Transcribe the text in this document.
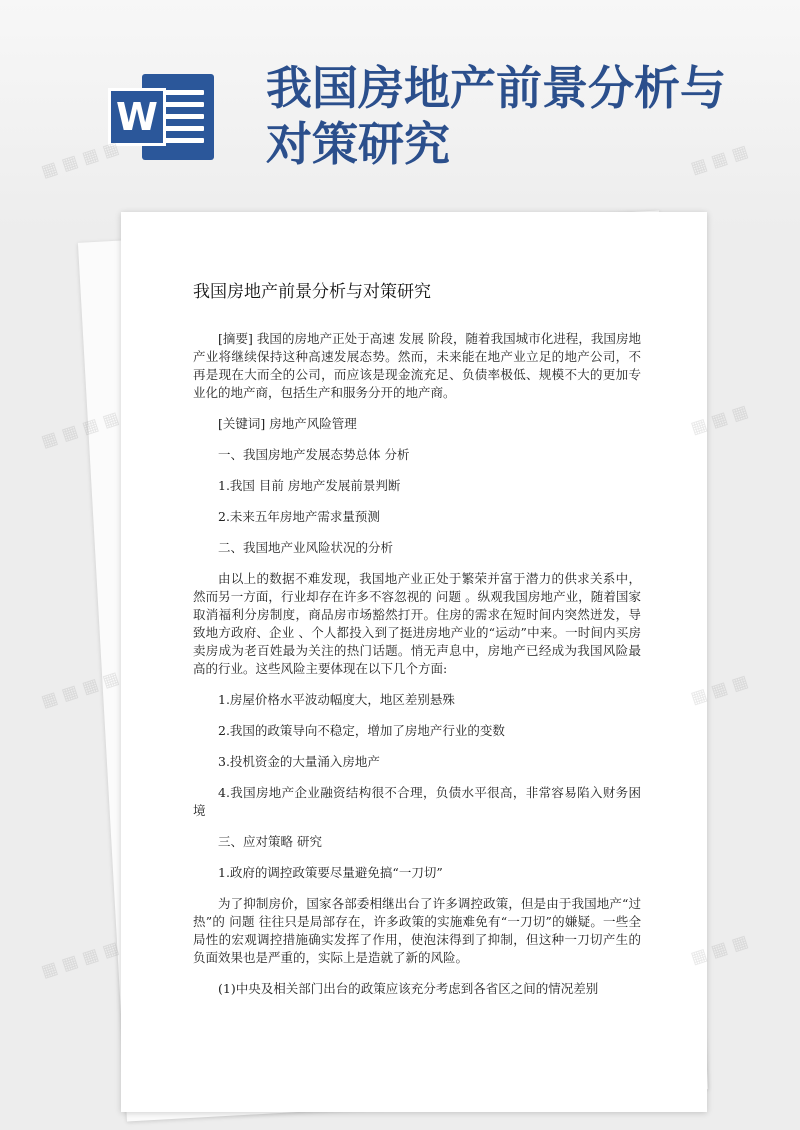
W
我国房地产前景分析与对策研究
我国房地产前景分析与对策研究

[摘要] 我国的房地产正处于高速 发展 阶段，随着我国城市化进程，我国房地产业将继续保持这种高速发展态势。然而，未来能在地产业立足的地产公司，不再是现在大而全的公司，而应该是现金流充足、负债率极低、规模不大的更加专业化的地产商，包括生产和服务分开的地产商。

[关键词] 房地产风险管理

一、我国房地产发展态势总体 分析

1.我国 目前 房地产发展前景判断

2.未来五年房地产需求量预测

二、我国地产业风险状况的分析

由以上的数据不难发现，我国地产业正处于繁荣并富于潜力的供求关系中，然而另一方面，行业却存在许多不容忽视的 问题 。纵观我国房地产业，随着国家取消福利分房制度，商品房市场豁然打开。住房的需求在短时间内突然迸发，导致地方政府、企业 、个人都投入到了挺进房地产业的“运动”中来。一时间内买房卖房成为老百姓最为关注的热门话题。悄无声息中，房地产已经成为我国风险最高的行业。这些风险主要体现在以下几个方面:

1.房屋价格水平波动幅度大，地区差别悬殊

2.我国的政策导向不稳定，增加了房地产行业的变数

3.投机资金的大量涌入房地产

4.我国房地产企业融资结构很不合理，负债水平很高，非常容易陷入财务困境

三、应对策略 研究

1.政府的调控政策要尽量避免搞“一刀切”

为了抑制房价，国家各部委相继出台了许多调控政策，但是由于我国地产“过热”的 问题 往往只是局部存在，许多政策的实施难免有“一刀切”的嫌疑。一些全局性的宏观调控措施确实发挥了作用，使泡沫得到了抑制，但这种一刀切产生的负面效果也是严重的，实际上是造就了新的风险。

(1)中央及相关部门出台的政策应该充分考虑到各省区之间的情况差别

▦ ▦ ▦ ▦	▦ ▦ ▦
▦ ▦ ▦ ▦	▦ ▦ ▦
▦ ▦ ▦ ▦	▦ ▦ ▦
